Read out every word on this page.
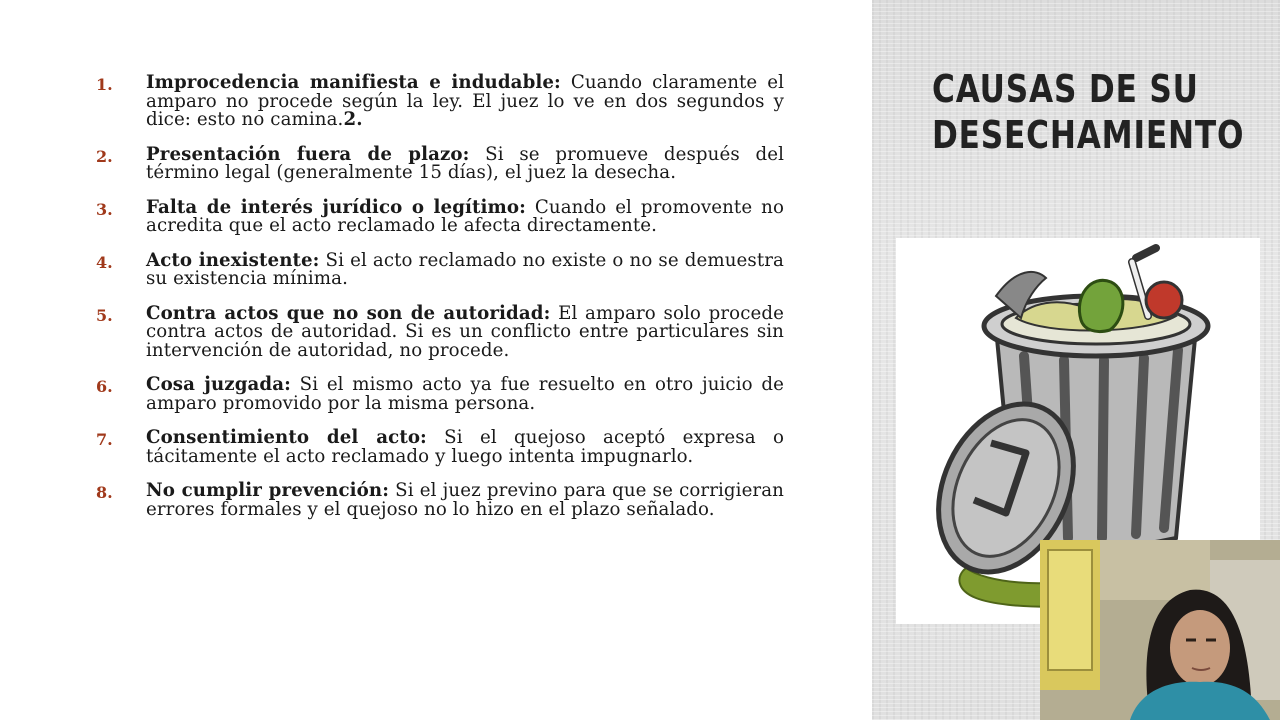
1.	Improcedencia manifiesta e indudable: Cuando claramente el amparo no procede según la ley. El juez lo ve en dos segundos y dice: esto no camina.2.

2.	Presentación fuera de plazo: Si se promueve después del término legal (generalmente 15 días), el juez la desecha.

3.	Falta de interés jurídico o legítimo: Cuando el promovente no acredita que el acto reclamado le afecta directamente.

4.	Acto inexistente: Si el acto reclamado no existe o no se demuestra su existencia mínima.

5.	Contra actos que no son de autoridad: El amparo solo procede contra actos de autoridad. Si es un conflicto entre particulares sin intervención de autoridad, no procede.

6.	Cosa juzgada: Si el mismo acto ya fue resuelto en otro juicio de amparo promovido por la misma persona.

7.	Consentimiento del acto: Si el quejoso aceptó expresa o tácitamente el acto reclamado y luego intenta impugnarlo.

8.	No cumplir prevención: Si el juez previno para que se corrigieran errores formales y el quejoso no lo hizo en el plazo señalado.

CAUSAS DE SU DESECHAMIENTO
